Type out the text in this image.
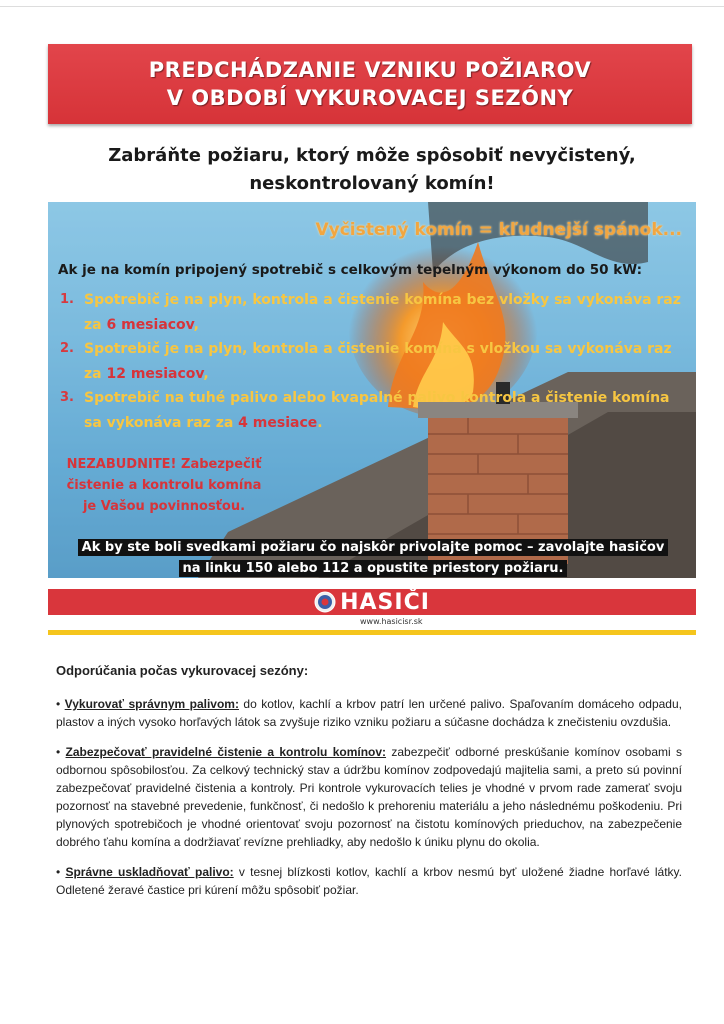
PREDCHÁDZANIE VZNIKU POŽIAROV
V OBDOBÍ VYKUROVACEJ SEZÓNY
Zabráňte požiaru, ktorý môže spôsobiť nevyčistený,
neskontrolovaný komín!
Vyčistený komín = kľudnejší spánok...
Ak je na komín pripojený spotrebič s celkovým tepelným výkonom do 50 kW:
1. Spotrebič je na plyn, kontrola a čistenie komína bez vložky sa vykonáva raz za 6 mesiacov,
2. Spotrebič je na plyn, kontrola a čistenie komína s vložkou sa vykonáva raz za 12 mesiacov,
3. Spotrebič na tuhé palivo alebo kvapalné palivo kontrola a čistenie komína sa vykonáva raz za 4 mesiace.
NEZABUDNITE! Zabezpečiť čistenie a kontrolu komína je Vašou povinnosťou.
Ak by ste boli svedkami požiaru čo najskôr privolajte pomoc – zavolajte hasičov
na linku 150 alebo 112 a opustite priestory požiaru.
HASIČI
www.hasicisr.sk
Odporúčania počas vykurovacej sezóny:

• Vykurovať správnym palivom: do kotlov, kachlí a krbov patrí len určené palivo. Spaľovaním domáceho odpadu, plastov a iných vysoko horľavých látok sa zvyšuje riziko vzniku požiaru a súčasne dochádza k znečisteniu ovzdušia.

• Zabezpečovať pravidelné čistenie a kontrolu komínov: zabezpečiť odborné preskúšanie komínov osobami s odbornou spôsobilosťou. Za celkový technický stav a údržbu komínov zodpovedajú majitelia sami, a preto sú povinní zabezpečovať pravidelné čistenia a kontroly. Pri kontrole vykurovacích telies je vhodné v prvom rade zamerať svoju pozornosť na stavebné prevedenie, funkčnosť, či nedošlo k prehoreniu materiálu a jeho následnému poškodeniu. Pri plynových spotrebičoch je vhodné orientovať svoju pozornosť na čistotu komínových prieduchov, na zabezpečenie dobrého ťahu komína a dodržiavať revízne prehliadky, aby nedošlo k úniku plynu do okolia.

• Správne uskladňovať palivo: v tesnej blízkosti kotlov, kachlí a krbov nesmú byť uložené žiadne horľavé látky. Odletené žeravé častice pri kúrení môžu spôsobiť požiar.
